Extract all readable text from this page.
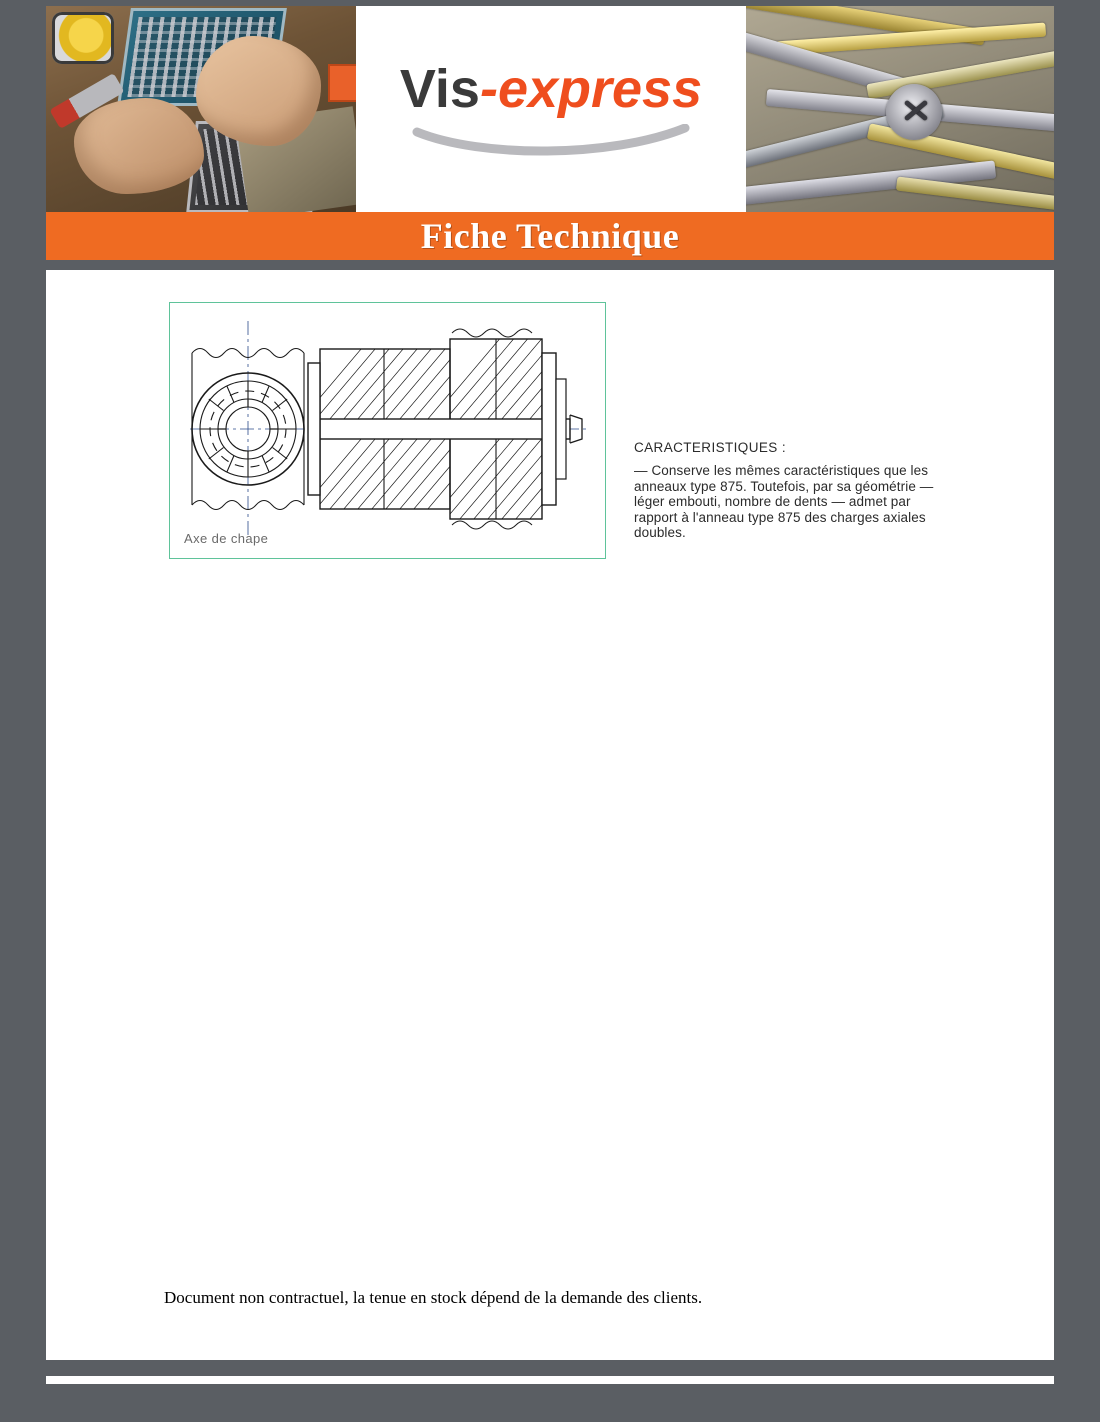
Vis-express
Fiche Technique
Axe de chape
CARACTERISTIQUES :
— Conserve les mêmes caractéristiques que les anneaux type 875. Toutefois, par sa géométrie — léger embouti, nombre de dents — admet par rapport à l'anneau type 875 des charges axiales doubles.
Document non contractuel, la tenue en stock dépend de la demande des clients.
